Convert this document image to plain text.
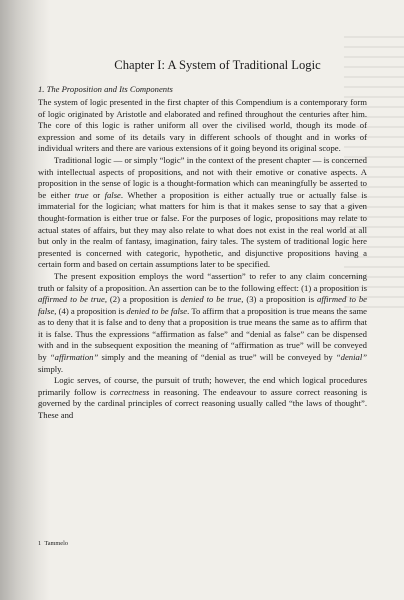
Chapter I: A System of Traditional Logic
1. The Proposition and Its Components

The system of logic presented in the first chapter of this Compendium is a contemporary form of logic originated by Aristotle and elaborated and refined throughout the centuries after him. The core of this logic is rather uniform all over the civilised world, though its mode of expression and some of its details vary in different schools of thought and in works of individual writers and there are various extensions of it going beyond its original scope.

Traditional logic — or simply “logic” in the context of the present chapter — is concerned with intellectual aspects of propositions, and not with their emotive or conative aspects. A proposition in the sense of logic is a thought-formation which can meaningfully be asserted to be either true or false. Whether a proposition is either actually true or actually false is immaterial for the logician; what matters for him is that it makes sense to say that a given thought-formation is either true or false. For the purposes of logic, propositions may relate to actual states of affairs, but they may also relate to what does not exist in the real world at all but only in the realm of fantasy, imagination, fairy tales. The system of traditional logic here presented is concerned with categoric, hypothetic, and disjunctive propositions having a certain form and based on certain assumptions later to be specified.

The present exposition employs the word “assertion” to refer to any claim concerning truth or falsity of a proposition. An assertion can be to the following effect: (1) a proposition is affirmed to be true, (2) a proposition is denied to be true, (3) a proposition is affirmed to be false, (4) a proposition is denied to be false. To affirm that a proposition is true means the same as to deny that it is false and to deny that a proposition is true means the same as to affirm that it is false. Thus the expressions “affirmation as false” and “denial as false” can be dispensed with and in the subsequent exposition the meaning of “affirmation as true” will be conveyed by “affirmation” simply and the meaning of “denial as true” will be conveyed by “denial” simply.

Logic serves, of course, the pursuit of truth; however, the end which logical procedures primarily follow is correctness in reasoning. The endeavour to assure correct reasoning is governed by the cardinal principles of correct reasoning usually called “the laws of thought”. These and

1 Tammelo
